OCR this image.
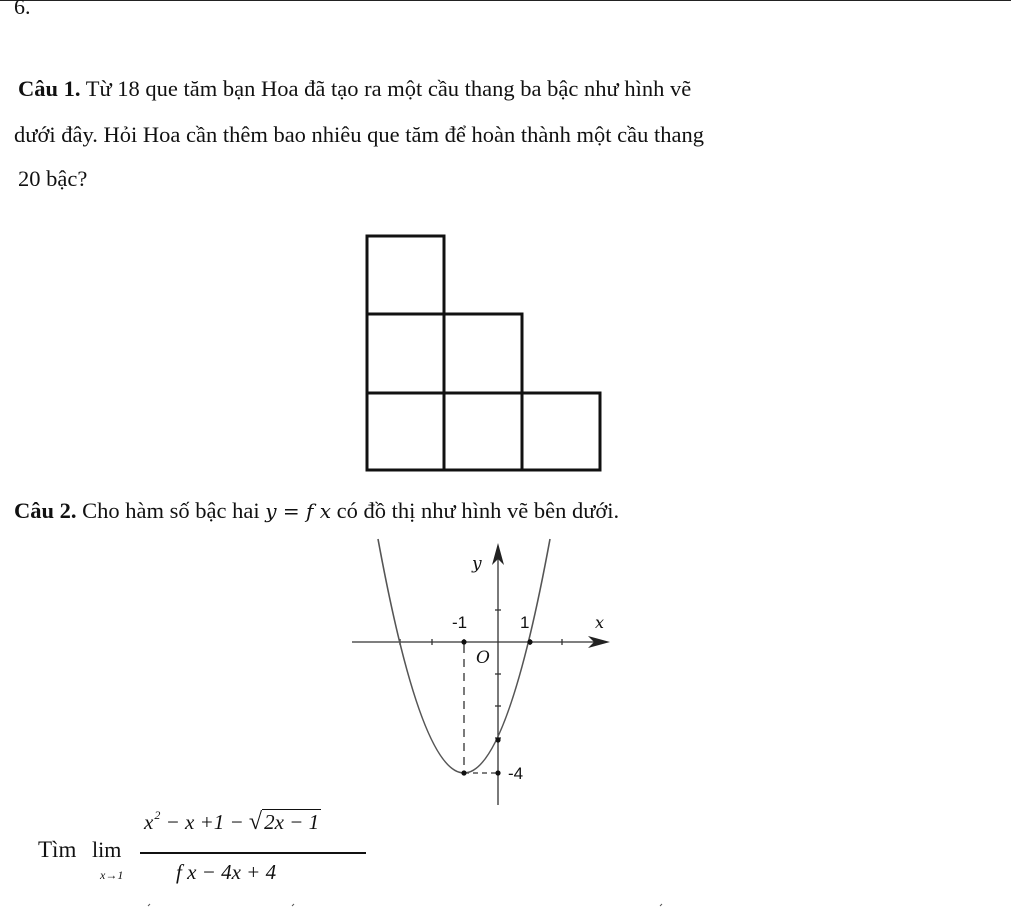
6.
Câu 1. Từ 18 que tăm bạn Hoa đã tạo ra một cầu thang ba bậc như hình vẽ
dưới đây. Hỏi Hoa cần thêm bao nhiêu que tăm để hoàn thành một cầu thang
20 bậc?
Câu 2. Cho hàm số bậc hai y = f x có đồ thị như hình vẽ bên dưới.
y
x
O
-1	1
-4
Tìm lim
x→1
$x^2 - x +1 - √2x - 1$
f x − 4x + 4
